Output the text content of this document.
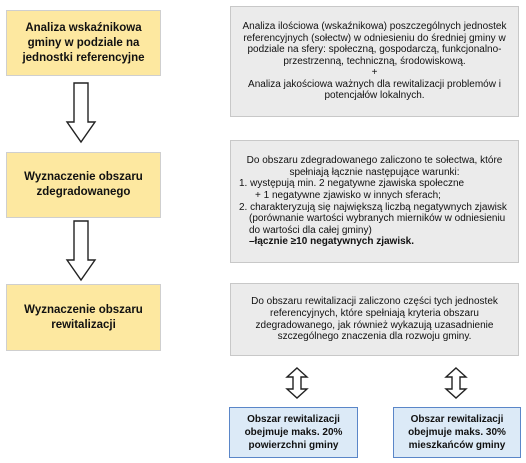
Analiza wskaźnikowa gminy w podziale na jednostki referencyjne
Wyznaczenie obszaru zdegradowanego
Wyznaczenie obszaru rewitalizacji
Analiza ilościowa (wskaźnikowa) poszczególnych jednostek referencyjnych (sołectw) w odniesieniu do średniej gminy w podziale na sfery: społeczną, gospodarczą, funkcjonalno-przestrzenną, techniczną, środowiskową.
+
Analiza jakościowa ważnych dla rewitalizacji problemów i potencjałów lokalnych.
Do obszaru zdegradowanego zaliczono te sołectwa, które spełniają łącznie następujące warunki:
1. występują min. 2 negatywne zjawiska społeczne
+ 1 negatywne zjawisko w innych sferach;
2. charakteryzują się największą liczbą negatywnych zjawisk (porównanie wartości wybranych mierników w odniesieniu do wartości dla całej gminy)
–łącznie ≥10 negatywnych zjawisk.
Do obszaru rewitalizacji zaliczono części tych jednostek referencyjnych, które spełniają kryteria obszaru zdegradowanego, jak również wykazują uzasadnienie szczególnego znaczenia dla rozwoju gminy.
Obszar rewitalizacji obejmuje maks. 20% powierzchni gminy
Obszar rewitalizacji obejmuje maks. 30% mieszkańców gminy
